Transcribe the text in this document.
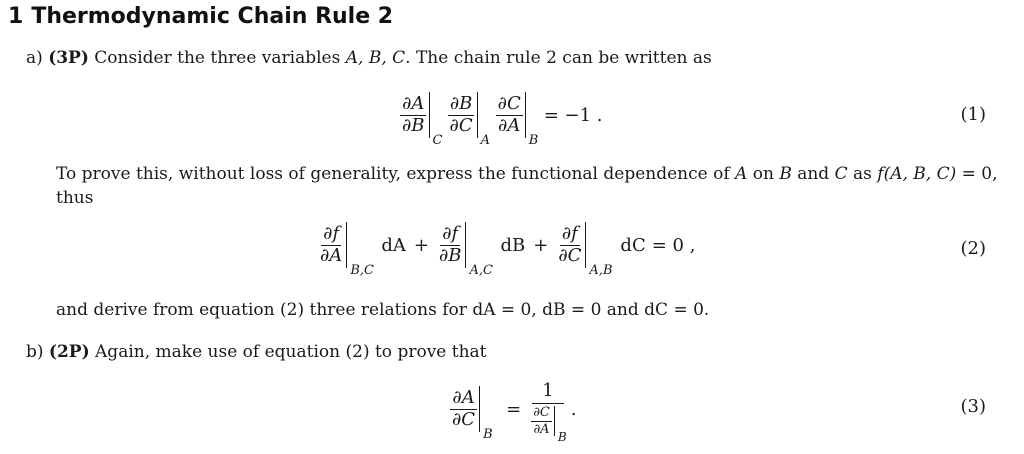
1 Thermodynamic Chain Rule 2
a) (3P) Consider the three variables A, B, C. The chain rule 2 can be written as
$\frac{\partial A}{\partial B}$
C
$\frac{\partial B}{\partial C}$
A
$\frac{\partial C}{\partial A}$
B
= −1 .	(1)
To prove this, without loss of generality, express the functional dependence of A on B and C as f(A, B, C) = 0,
thus
$\frac{\partial f}{\partial A}$
B,C
dA + $\frac{\partial f}{\partial B}$
A,C
dB + $\frac{\partial f}{\partial C}$
A,B
dC = 0 ,	(2)
and derive from equation (2) three relations for dA = 0, dB = 0 and dC = 0.
b) (2P) Again, make use of equation (2) to prove that
$\frac{\partial A}{\partial C}$
B
= 1
$\frac{\partial C}{\partial A}$
B .	(3)
